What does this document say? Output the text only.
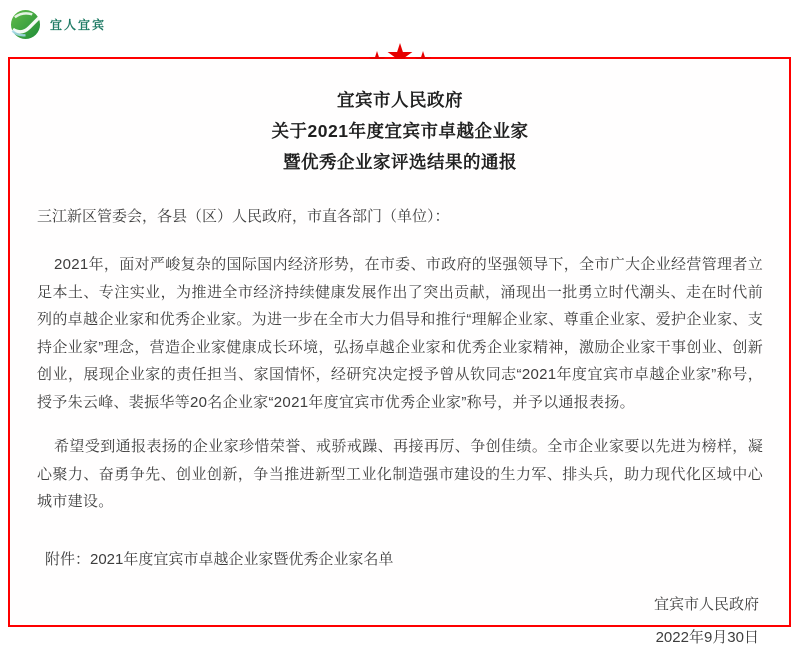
宜人宜宾
宜宾市人民政府
关于2021年度宜宾市卓越企业家
暨优秀企业家评选结果的通报

三江新区管委会，各县（区）人民政府，市直各部门（单位）：

2021年，面对严峻复杂的国际国内经济形势，在市委、市政府的坚强领导下，全市广大企业经营管理者立足本土、专注实业，为推进全市经济持续健康发展作出了突出贡献，涌现出一批勇立时代潮头、走在时代前列的卓越企业家和优秀企业家。为进一步在全市大力倡导和推行“理解企业家、尊重企业家、爱护企业家、支持企业家”理念，营造企业家健康成长环境，弘扬卓越企业家和优秀企业家精神，激励企业家干事创业、创新创业，展现企业家的责任担当、家国情怀，经研究决定授予曾从钦同志“2021年度宜宾市卓越企业家”称号，授予朱云峰、裴振华等20名企业家“2021年度宜宾市优秀企业家”称号，并予以通报表扬。

希望受到通报表扬的企业家珍惜荣誉、戒骄戒躁、再接再厉、争创佳绩。全市企业家要以先进为榜样，凝心聚力、奋勇争先、创业创新，争当推进新型工业化制造强市建设的生力军、排头兵，助力现代化区域中心城市建设。

附件：2021年度宜宾市卓越企业家暨优秀企业家名单

宜宾市人民政府
2022年9月30日
